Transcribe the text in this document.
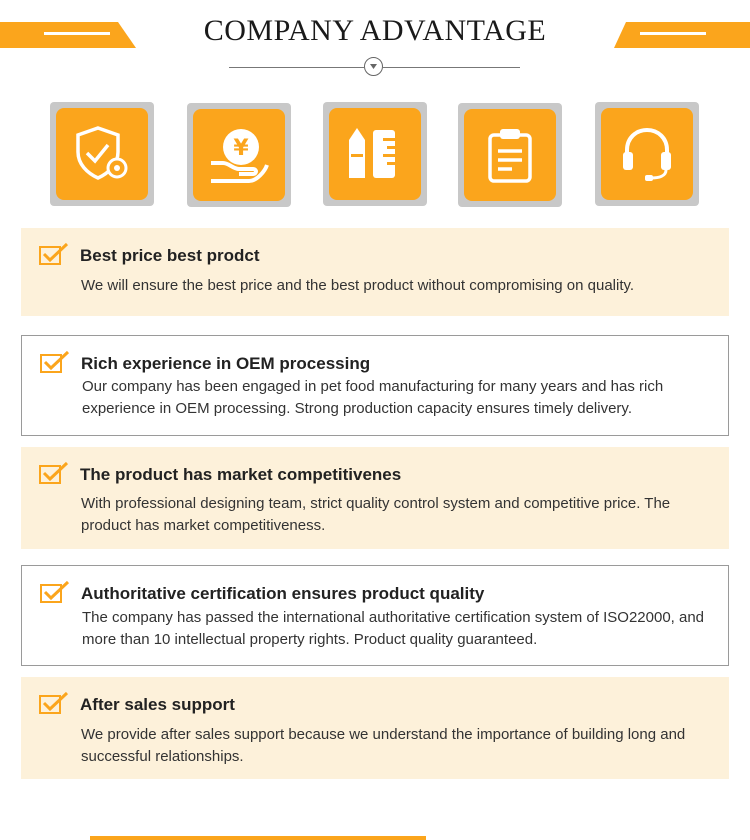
COMPANY ADVANTAGE
¥
Best price best prodct
We will ensure the best price and the best product without compromising on quality.
Rich experience in OEM processing
Our company has been engaged in pet food manufacturing for many years and has rich experience in OEM processing. Strong production capacity ensures timely delivery.
The product has market competitivenes
With professional designing team, strict quality control system and competitive price. The product has market competitiveness.
Authoritative certification ensures product quality
The company has passed the international authoritative certification system of ISO22000, and more than 10 intellectual property rights. Product quality guaranteed.
After sales support
We provide after sales support because we understand the importance of building long and successful relationships.
